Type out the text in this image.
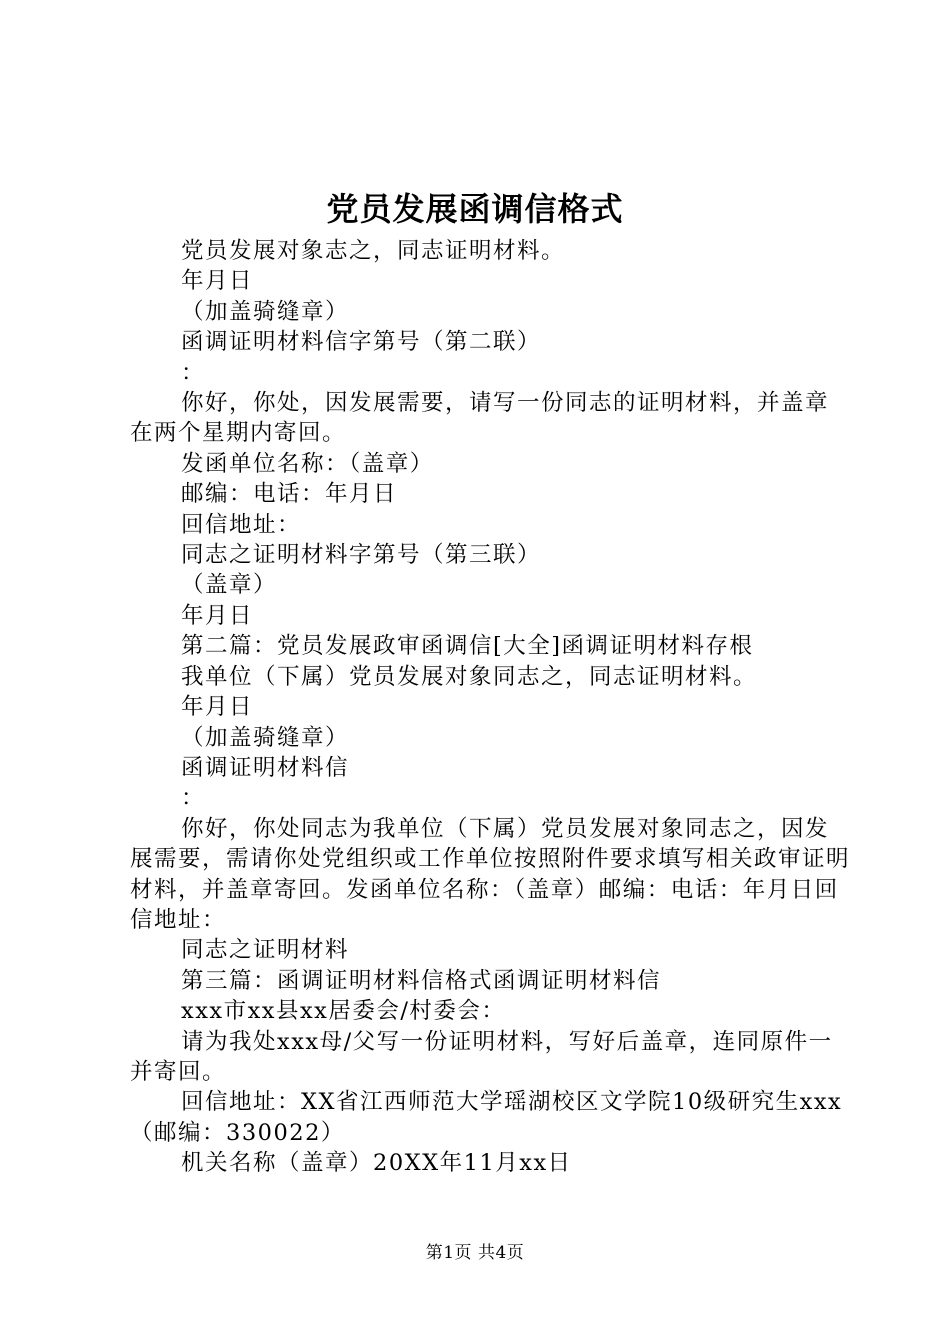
党员发展函调信格式

党员发展对象志之，同志证明材料。

年月日

（加盖骑缝章）

函调证明材料信字第号（第二联）

：

你好，你处，因发展需要，请写一份同志的证明材料，并盖章在两个星期内寄回。

发函单位名称：（盖章）

邮编：电话：年月日

回信地址：

同志之证明材料字第号（第三联）

（盖章）

年月日

第二篇：党员发展政审函调信[大全]函调证明材料存根

我单位（下属）党员发展对象同志之，同志证明材料。

年月日

（加盖骑缝章）

函调证明材料信

：

你好，你处同志为我单位（下属）党员发展对象同志之，因发展需要，需请你处党组织或工作单位按照附件要求填写相关政审证明材料，并盖章寄回。发函单位名称：（盖章）邮编：电话：年月日回信地址：

同志之证明材料

第三篇：函调证明材料信格式函调证明材料信

xxx市xx县xx居委会/村委会：

请为我处xxx母/父写一份证明材料，写好后盖章，连同原件一并寄回。

回信地址：XX省江西师范大学瑶湖校区文学院10级研究生xxx（邮编：330022）

机关名称（盖章）20XX年11月xx日

第1页 共4页
